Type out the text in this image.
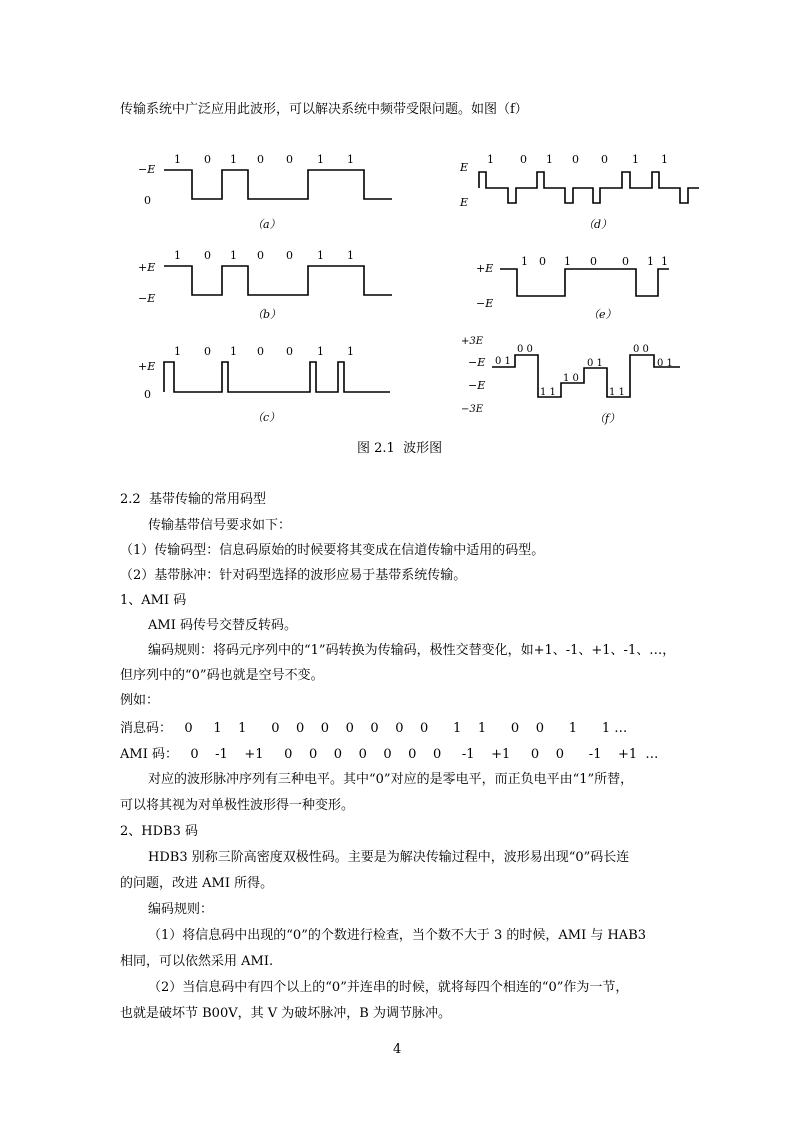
传输系统中广泛应用此波形，可以解决系统中频带受限问题。如图（f）
−E
0
1 0 1 0 0 1 1
（a）
+E
−E
1 0 1 0 0 1 1
（b）
+E
0
1 0 1 0 0 1 1
（c）
E
E
1 0 1 0 0 1 1
（d）
+E
−E
1 0 1 0 0 1 1
（e）
+3E
−E
−E
−3E
0 1
0 0
1 1
1 0
0 1
1 1
0 0
0 1
（f）
图 2.1  波形图
2.2  基带传输的常用码型
传输基带信号要求如下：
（1）传输码型：信息码原始的时候要将其变成在信道传输中适用的码型。
（2）基带脉冲：针对码型选择的波形应易于基带系统传输。
1、AMI 码
AMI 码传号交替反转码。
编码规则：将码元序列中的“1”码转换为传输码，极性交替变化，如+1、-1、+1、-1、…，
但序列中的“0”码也就是空号不变。
例如：
消息码：   0     1    1      0    0    0    0    0    0    0      1    1      0    0      1      1 …
AMI 码：   0    -1    +1     0    0    0    0    0    0    0     -1    +1     0    0      -1    +1  …
对应的波形脉冲序列有三种电平。其中“0”对应的是零电平，而正负电平由“1”所替，
可以将其视为对单极性波形得一种变形。
2、HDB3 码
HDB3 别称三阶高密度双极性码。主要是为解决传输过程中，波形易出现“0”码长连
的问题，改进 AMI 所得。
编码规则：
（1）将信息码中出现的“0”的个数进行检查，当个数不大于 3 的时候，AMI 与 HAB3
相同，可以依然采用 AMI.
（2）当信息码中有四个以上的“0”并连串的时候，就将每四个相连的“0”作为一节，
也就是破坏节 B00V，其 V 为破坏脉冲，B 为调节脉冲。
4
